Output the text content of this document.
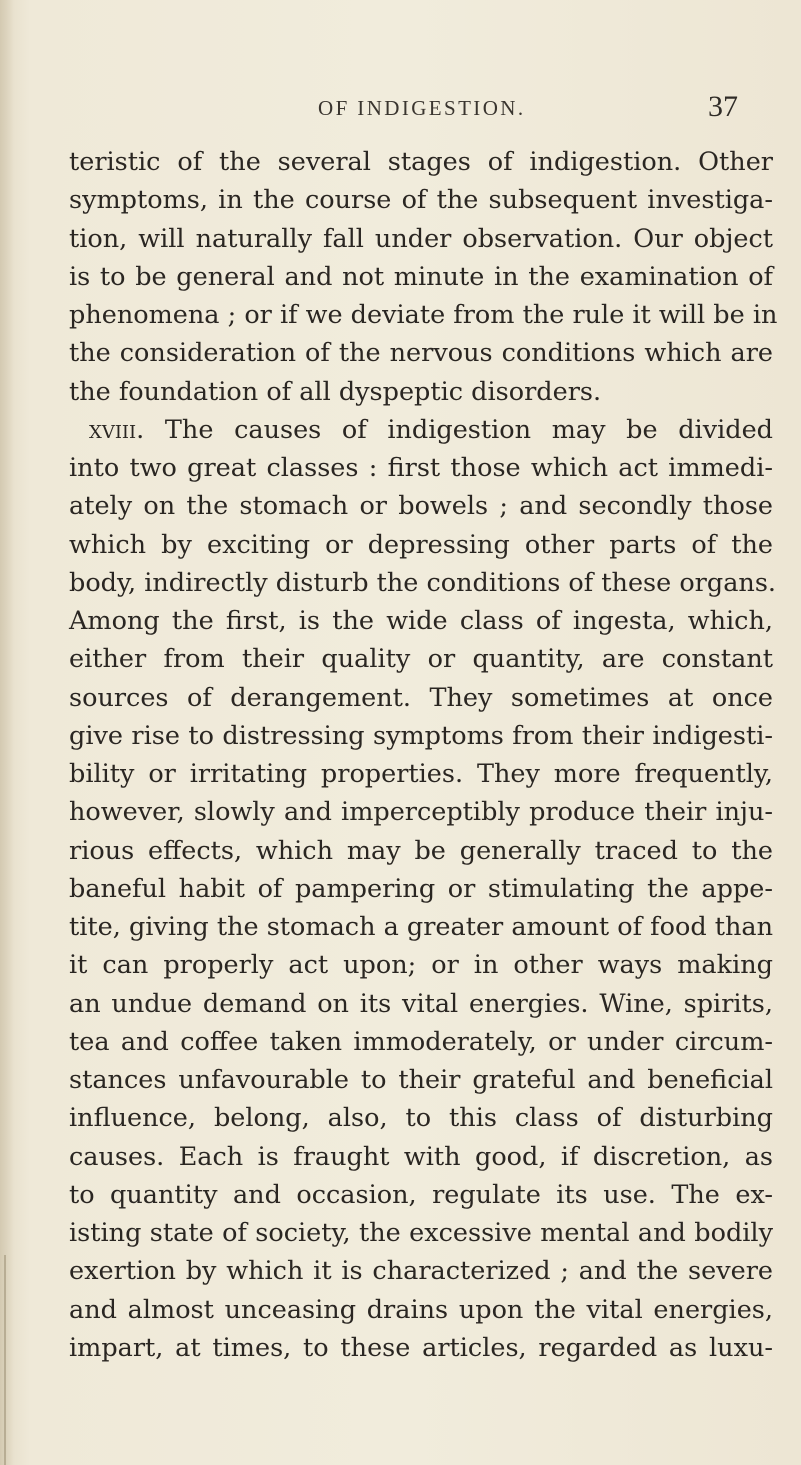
OF INDIGESTION.	37
teristic of the several stages of indigestion. Other
symptoms, in the course of the subsequent investiga-
tion, will naturally fall under observation. Our object
is to be general and not minute in the examination of
phenomena ; or if we deviate from the rule it will be in
the consideration of the nervous conditions which are
the foundation of all dyspeptic disorders.
xviii. The causes of indigestion may be divided
into two great classes : first those which act immedi-
ately on the stomach or bowels ; and secondly those
which by exciting or depressing other parts of the
body, indirectly disturb the conditions of these organs.
Among the first, is the wide class of ingesta, which,
either from their quality or quantity, are constant
sources of derangement. They sometimes at once
give rise to distressing symptoms from their indigesti-
bility or irritating properties. They more frequently,
however, slowly and imperceptibly produce their inju-
rious effects, which may be generally traced to the
baneful habit of pampering or stimulating the appe-
tite, giving the stomach a greater amount of food than
it can properly act upon; or in other ways making
an undue demand on its vital energies. Wine, spirits,
tea and coffee taken immoderately, or under circum-
stances unfavourable to their grateful and beneficial
influence, belong, also, to this class of disturbing
causes. Each is fraught with good, if discretion, as
to quantity and occasion, regulate its use. The ex-
isting state of society, the excessive mental and bodily
exertion by which it is characterized ; and the severe
and almost unceasing drains upon the vital energies,
impart, at times, to these articles, regarded as luxu-
